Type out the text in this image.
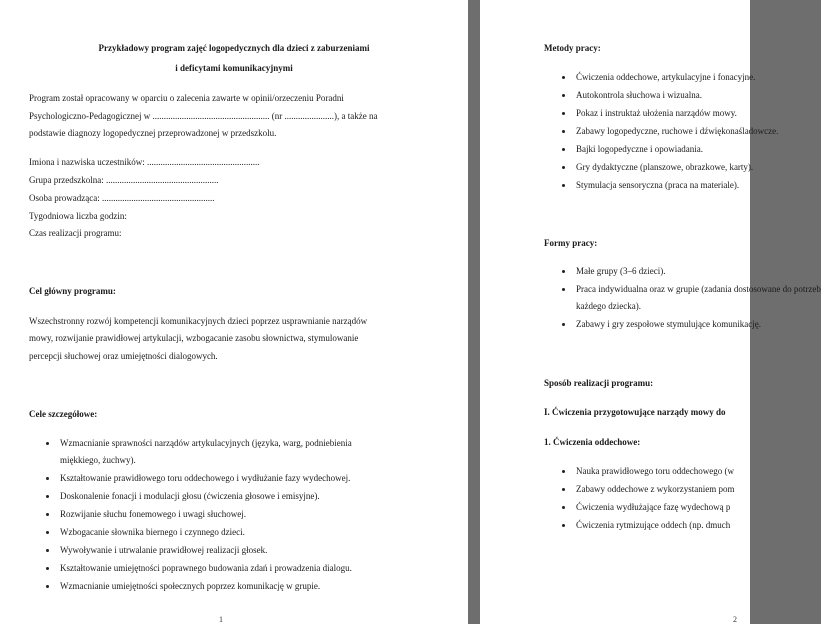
Przykładowy program zajęć logopedycznych dla dzieci z zaburzeniami
i deficytami komunikacyjnymi
Program został opracowany w oparciu o zalecenia zawarte w opinii/orzeczeniu Poradni
Psychologiczno-Pedagogicznej w .................................................... (nr ......................), a także na
podstawie diagnozy logopedycznej przeprowadzonej w przedszkolu.
Imiona i nazwiska uczestników: ..................................................
Grupa przedszkolna: ..................................................
Osoba prowadząca: ..................................................
Tygodniowa liczba godzin:
Czas realizacji programu:
Cel główny programu:
Wszechstronny rozwój kompetencji komunikacyjnych dzieci poprzez usprawnianie narządów
mowy, rozwijanie prawidłowej artykulacji, wzbogacanie zasobu słownictwa, stymulowanie
percepcji słuchowej oraz umiejętności dialogowych.
Cele szczegółowe:
Wzmacnianie sprawności narządów artykulacyjnych (języka, warg, podniebienia
miękkiego, żuchwy).
Kształtowanie prawidłowego toru oddechowego i wydłużanie fazy wydechowej.
Doskonalenie fonacji i modulacji głosu (ćwiczenia głosowe i emisyjne).
Rozwijanie słuchu fonemowego i uwagi słuchowej.
Wzbogacanie słownika biernego i czynnego dzieci.
Wywoływanie i utrwalanie prawidłowej realizacji głosek.
Kształtowanie umiejętności poprawnego budowania zdań i prowadzenia dialogu.
Wzmacnianie umiejętności społecznych poprzez komunikację w grupie.
1
Metody pracy:
Ćwiczenia oddechowe, artykulacyjne i fonacyjne.
Autokontrola słuchowa i wizualna.
Pokaz i instruktaż ułożenia narządów mowy.
Zabawy logopedyczne, ruchowe i dźwiękonaśladowcze.
Bajki logopedyczne i opowiadania.
Gry dydaktyczne (planszowe, obrazkowe, karty).
Stymulacja sensoryczna (praca na materiale).
Formy pracy:
Małe grupy (3–6 dzieci).
Praca indywidualna oraz w grupie (zadania dostosowane do potrzeb
każdego dziecka).
Zabawy i gry zespołowe stymulujące komunikację.
Sposób realizacji programu:
I. Ćwiczenia przygotowujące narządy mowy do
1. Ćwiczenia oddechowe:
Nauka prawidłowego toru oddechowego (w
Zabawy oddechowe z wykorzystaniem pom
Ćwiczenia wydłużające fazę wydechową p
Ćwiczenia rytmizujące oddech (np. dmuch
2
